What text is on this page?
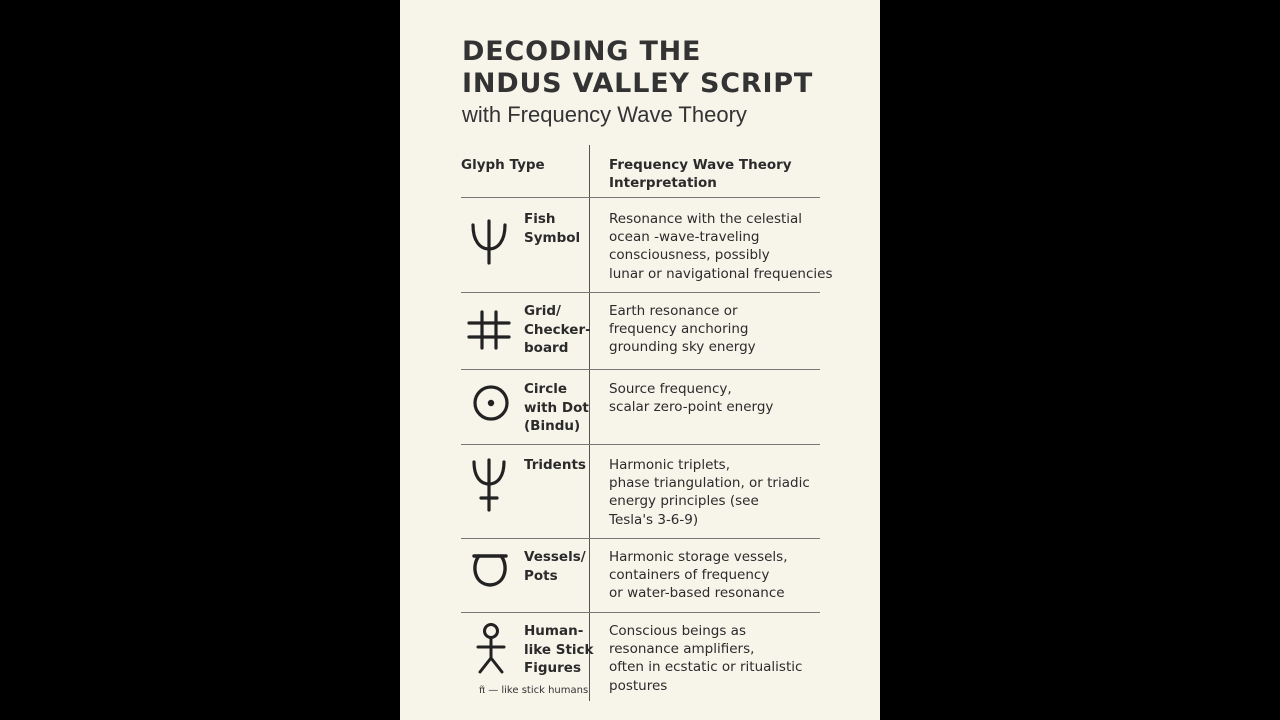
DECODING THE
INDUS VALLEY SCRIPT

with Frequency Wave Theory

Glyph Type	Frequency Wave Theory
Interpretation
Fish
Symbol
Resonance with the celestial
ocean -wave-traveling
consciousness, possibly
lunar or navigational frequencies
Grid/
Checker-
board
Earth resonance or
frequency anchoring
grounding sky energy
Circle
with Dot
(Bindu)
Source frequency,
scalar zero-point energy
Tridents	Harmonic triplets,
phase triangulation, or triadic
energy principles (see
Tesla's 3-6-9)
Vessels/
Pots
Harmonic storage vessels,
containers of frequency
or water-based resonance
Human-
like Stick
Figures
Conscious beings as
resonance amplifiers,
often in ecstatic or ritualistic
postures
π̃ — like stick humans
